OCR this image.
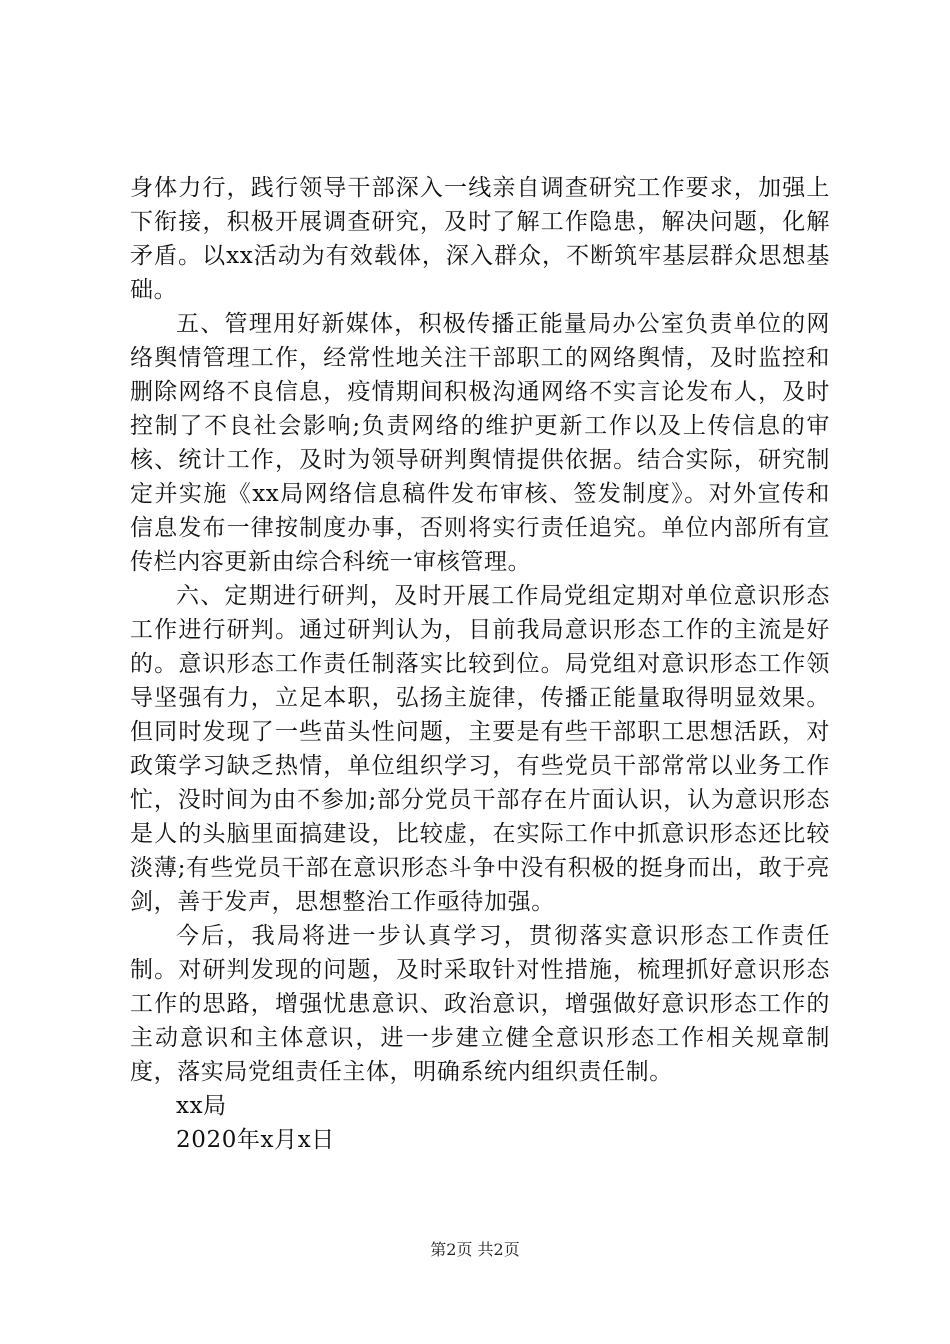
身体力行，践行领导干部深入一线亲自调查研究工作要求，加强上下衔接，积极开展调查研究，及时了解工作隐患，解决问题，化解矛盾。以xx活动为有效载体，深入群众，不断筑牢基层群众思想基础。

五、管理用好新媒体，积极传播正能量局办公室负责单位的网络舆情管理工作，经常性地关注干部职工的网络舆情，及时监控和删除网络不良信息，疫情期间积极沟通网络不实言论发布人，及时控制了不良社会影响;负责网络的维护更新工作以及上传信息的审核、统计工作，及时为领导研判舆情提供依据。结合实际，研究制定并实施《xx局网络信息稿件发布审核、签发制度》。对外宣传和信息发布一律按制度办事，否则将实行责任追究。单位内部所有宣传栏内容更新由综合科统一审核管理。

六、定期进行研判，及时开展工作局党组定期对单位意识形态工作进行研判。通过研判认为，目前我局意识形态工作的主流是好的。意识形态工作责任制落实比较到位。局党组对意识形态工作领导坚强有力，立足本职，弘扬主旋律，传播正能量取得明显效果。但同时发现了一些苗头性问题，主要是有些干部职工思想活跃，对政策学习缺乏热情，单位组织学习，有些党员干部常常以业务工作忙，没时间为由不参加;部分党员干部存在片面认识，认为意识形态是人的头脑里面搞建设，比较虚，在实际工作中抓意识形态还比较淡薄;有些党员干部在意识形态斗争中没有积极的挺身而出，敢于亮剑，善于发声，思想整治工作亟待加强。

今后，我局将进一步认真学习，贯彻落实意识形态工作责任制。对研判发现的问题，及时采取针对性措施，梳理抓好意识形态工作的思路，增强忧患意识、政治意识，增强做好意识形态工作的主动意识和主体意识，进一步建立健全意识形态工作相关规章制度，落实局党组责任主体，明确系统内组织责任制。

xx局

2020年x月x日

第2页 共2页
